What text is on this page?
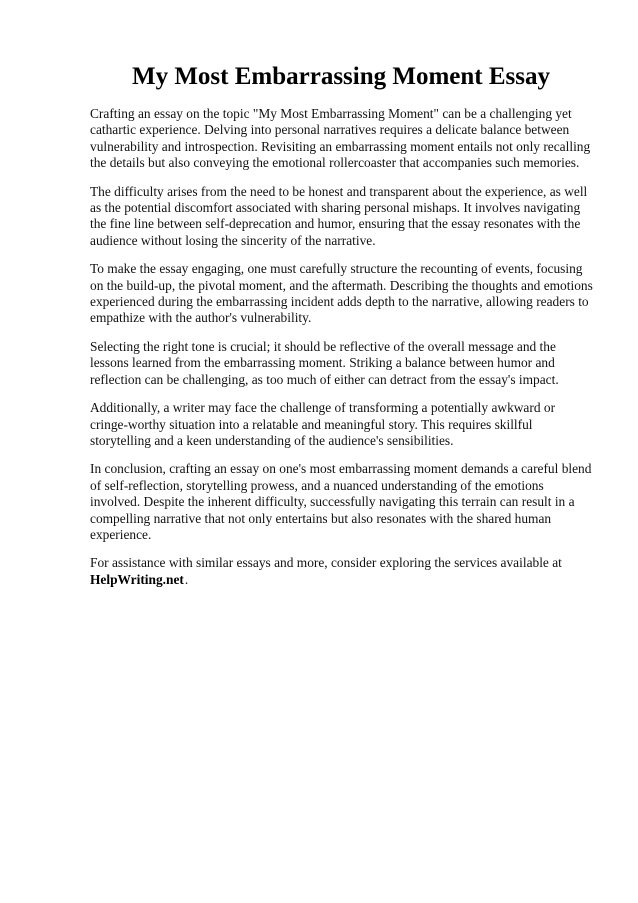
My Most Embarrassing Moment Essay

Crafting an essay on the topic "My Most Embarrassing Moment" can be a challenging yet cathartic experience. Delving into personal narratives requires a delicate balance between vulnerability and introspection. Revisiting an embarrassing moment entails not only recalling the details but also conveying the emotional rollercoaster that accompanies such memories.

The difficulty arises from the need to be honest and transparent about the experience, as well as the potential discomfort associated with sharing personal mishaps. It involves navigating the fine line between self-deprecation and humor, ensuring that the essay resonates with the audience without losing the sincerity of the narrative.

To make the essay engaging, one must carefully structure the recounting of events, focusing on the build-up, the pivotal moment, and the aftermath. Describing the thoughts and emotions experienced during the embarrassing incident adds depth to the narrative, allowing readers to empathize with the author's vulnerability.

Selecting the right tone is crucial; it should be reflective of the overall message and the lessons learned from the embarrassing moment. Striking a balance between humor and reflection can be challenging, as too much of either can detract from the essay's impact.

Additionally, a writer may face the challenge of transforming a potentially awkward or cringe-worthy situation into a relatable and meaningful story. This requires skillful storytelling and a keen understanding of the audience's sensibilities.

In conclusion, crafting an essay on one's most embarrassing moment demands a careful blend of self-reflection, storytelling prowess, and a nuanced understanding of the emotions involved. Despite the inherent difficulty, successfully navigating this terrain can result in a compelling narrative that not only entertains but also resonates with the shared human experience.

For assistance with similar essays and more, consider exploring the services available at
HelpWriting.net.
